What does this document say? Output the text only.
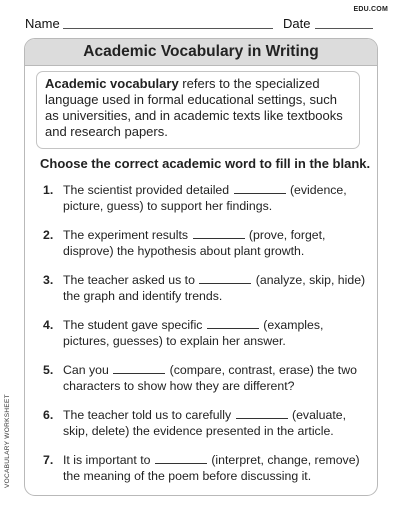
EDU.COM
Name	Date
VOCABULARY WORKSHEET
Academic Vocabulary in Writing
Academic vocabulary refers to the specialized language used in formal educational settings, such as universities, and in academic texts like textbooks and research papers.
Choose the correct academic word to fill in the blank.
1. The scientist provided detailed	(evidence, picture, guess) to support her findings.
2. The experiment results	(prove, forget, disprove) the hypothesis about plant growth.
3. The teacher asked us to	(analyze, skip, hide) the graph and identify trends.
4. The student gave specific	(examples, pictures, guesses) to explain her answer.
5. Can you	(compare, contrast, erase) the two characters to show how they are different?
6. The teacher told us to carefully	(evaluate, skip, delete) the evidence presented in the article.
7. It is important to	(interpret, change, remove) the meaning of the poem before discussing it.
